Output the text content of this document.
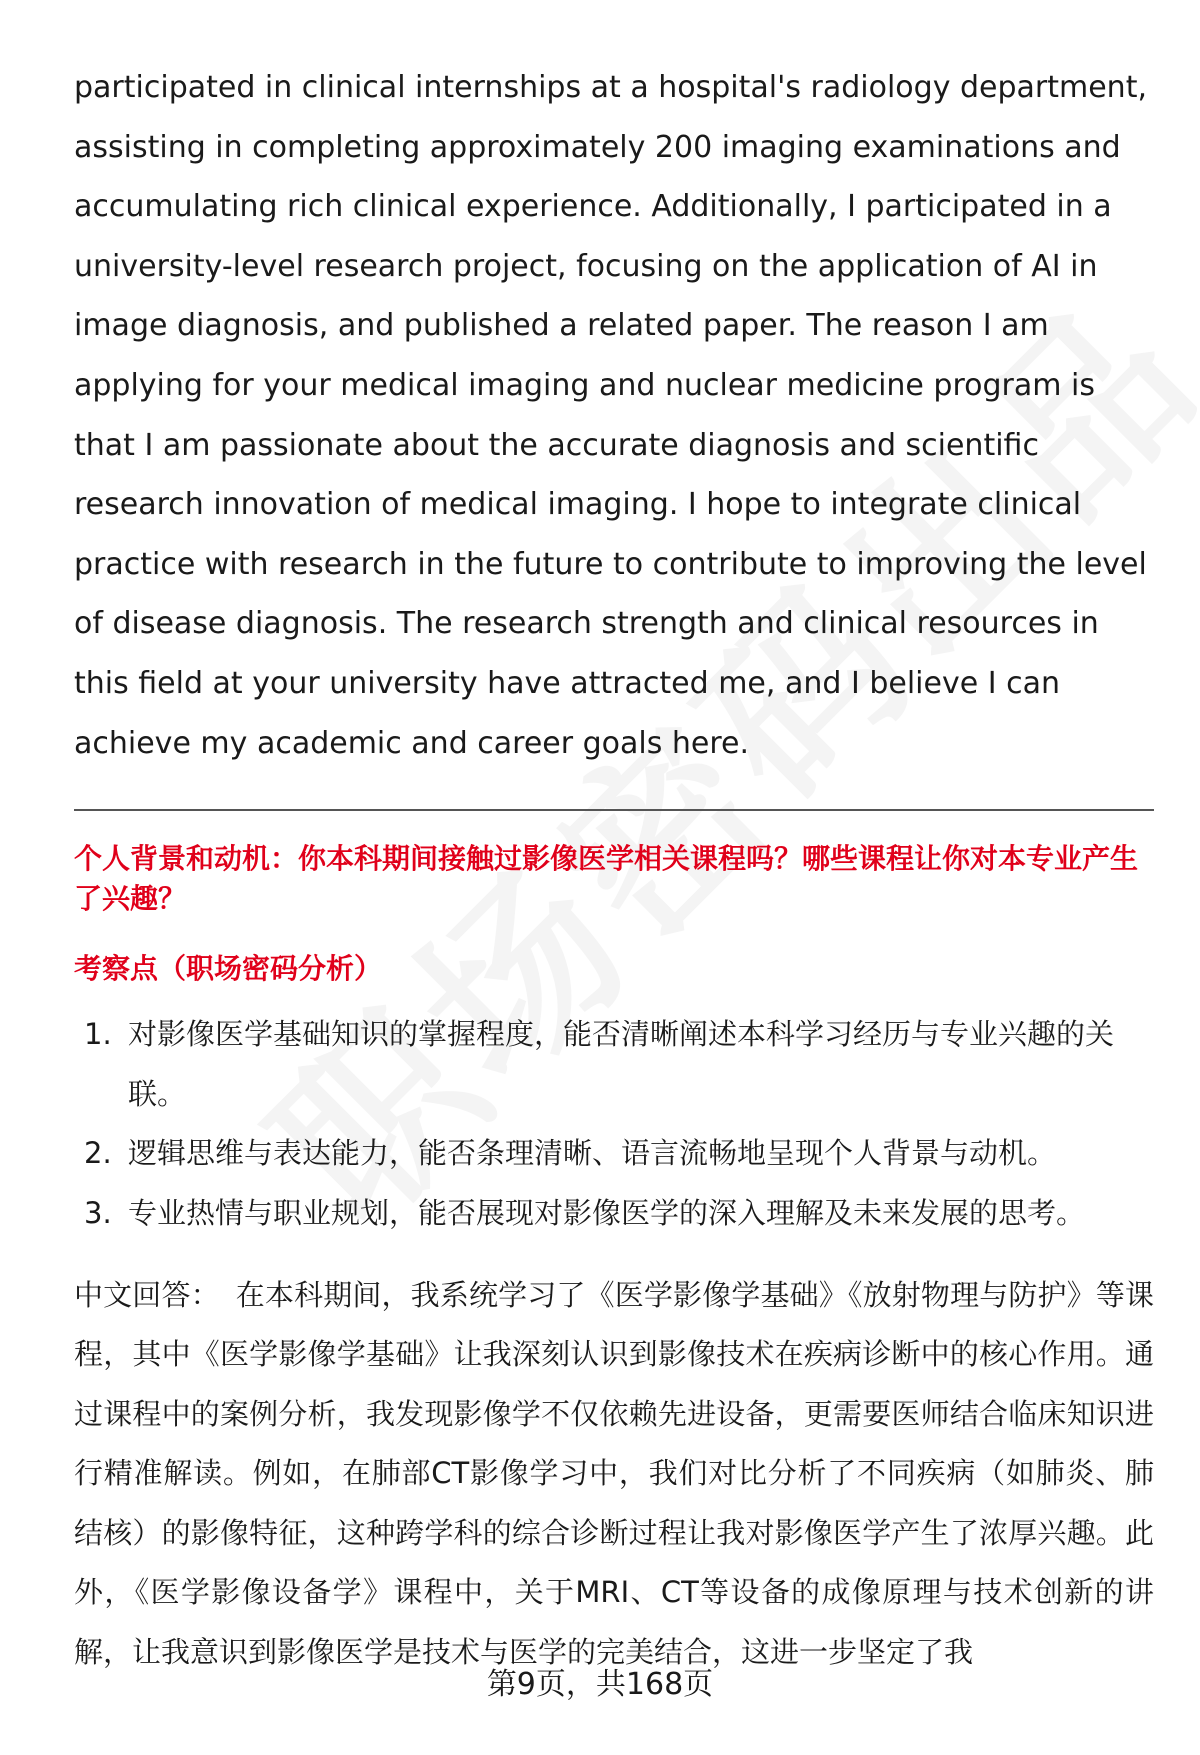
participated in clinical internships at a hospital's radiology department, assisting in completing approximately 200 imaging examinations and accumulating rich clinical experience. Additionally, I participated in a university-level research project, focusing on the application of AI in image diagnosis, and published a related paper. The reason I am applying for your medical imaging and nuclear medicine program is that I am passionate about the accurate diagnosis and scientific research innovation of medical imaging. I hope to integrate clinical practice with research in the future to contribute to improving the level of disease diagnosis. The research strength and clinical resources in this field at your university have attracted me, and I believe I can achieve my academic and career goals here.

个人背景和动机：你本科期间接触过影像医学相关课程吗？哪些课程让你对本专业产生了兴趣？
考察点（职场密码分析）
1. 对影像医学基础知识的掌握程度，能否清晰阐述本科学习经历与专业兴趣的关联。
2. 逻辑思维与表达能力，能否条理清晰、语言流畅地呈现个人背景与动机。
3. 专业热情与职业规划，能否展现对影像医学的深入理解及未来发展的思考。

中文回答： 在本科期间，我系统学习了《医学影像学基础》《放射物理与防护》等课程，其中《医学影像学基础》让我深刻认识到影像技术在疾病诊断中的核心作用。通过课程中的案例分析，我发现影像学不仅依赖先进设备，更需要医师结合临床知识进行精准解读。例如，在肺部CT影像学习中，我们对比分析了不同疾病（如肺炎、肺结核）的影像特征，这种跨学科的综合诊断过程让我对影像医学产生了浓厚兴趣。此外，《医学影像设备学》课程中，关于MRI、CT等设备的成像原理与技术创新的讲解，让我意识到影像医学是技术与医学的完美结合，这进一步坚定了我

第9页，共168页
